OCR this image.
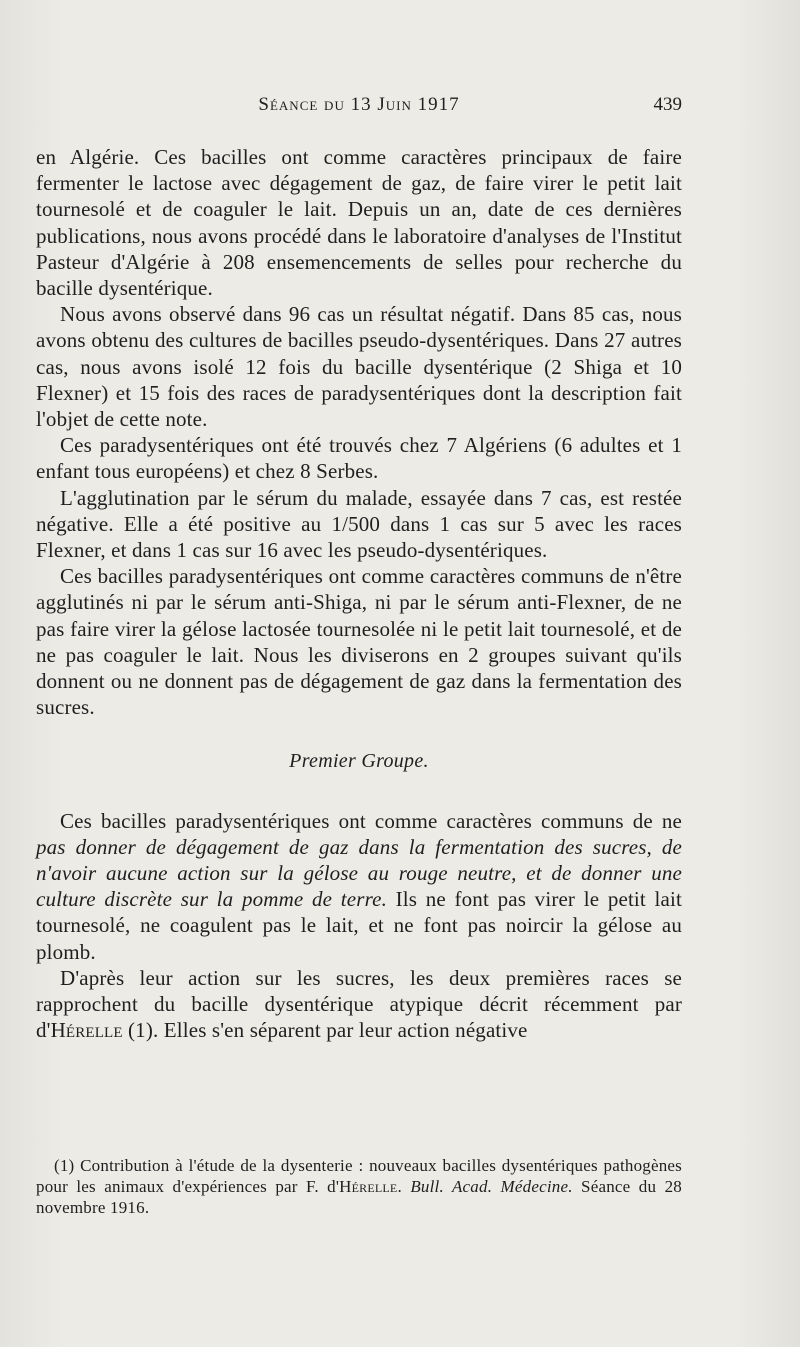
Séance du 13 Juin 1917	439

en Algérie. Ces bacilles ont comme caractères principaux de faire fermenter le lactose avec dégagement de gaz, de faire virer le petit lait tournesolé et de coaguler le lait. Depuis un an, date de ces dernières publications, nous avons procédé dans le laboratoire d'analyses de l'Institut Pasteur d'Algérie à 208 ensemencements de selles pour recherche du bacille dysentérique.

Nous avons observé dans 96 cas un résultat négatif. Dans 85 cas, nous avons obtenu des cultures de bacilles pseudo-dysentériques. Dans 27 autres cas, nous avons isolé 12 fois du bacille dysentérique (2 Shiga et 10 Flexner) et 15 fois des races de paradysentériques dont la description fait l'objet de cette note.

Ces paradysentériques ont été trouvés chez 7 Algériens (6 adultes et 1 enfant tous européens) et chez 8 Serbes.

L'agglutination par le sérum du malade, essayée dans 7 cas, est restée négative. Elle a été positive au 1/500 dans 1 cas sur 5 avec les races Flexner, et dans 1 cas sur 16 avec les pseudo-dysentériques.

Ces bacilles paradysentériques ont comme caractères communs de n'être agglutinés ni par le sérum anti-Shiga, ni par le sérum anti-Flexner, de ne pas faire virer la gélose lactosée tournesolée ni le petit lait tournesolé, et de ne pas coaguler le lait. Nous les diviserons en 2 groupes suivant qu'ils donnent ou ne donnent pas de dégagement de gaz dans la fermentation des sucres.

Premier Groupe.

Ces bacilles paradysentériques ont comme caractères communs de ne pas donner de dégagement de gaz dans la fermentation des sucres, de n'avoir aucune action sur la gélose au rouge neutre, et de donner une culture discrète sur la pomme de terre. Ils ne font pas virer le petit lait tournesolé, ne coagulent pas le lait, et ne font pas noircir la gélose au plomb.

D'après leur action sur les sucres, les deux premières races se rapprochent du bacille dysentérique atypique décrit récemment par d'Hérelle (1). Elles s'en séparent par leur action négative

(1) Contribution à l'étude de la dysenterie : nouveaux bacilles dysentériques pathogènes pour les animaux d'expériences par F. d'Hérelle. Bull. Acad. Médecine. Séance du 28 novembre 1916.
